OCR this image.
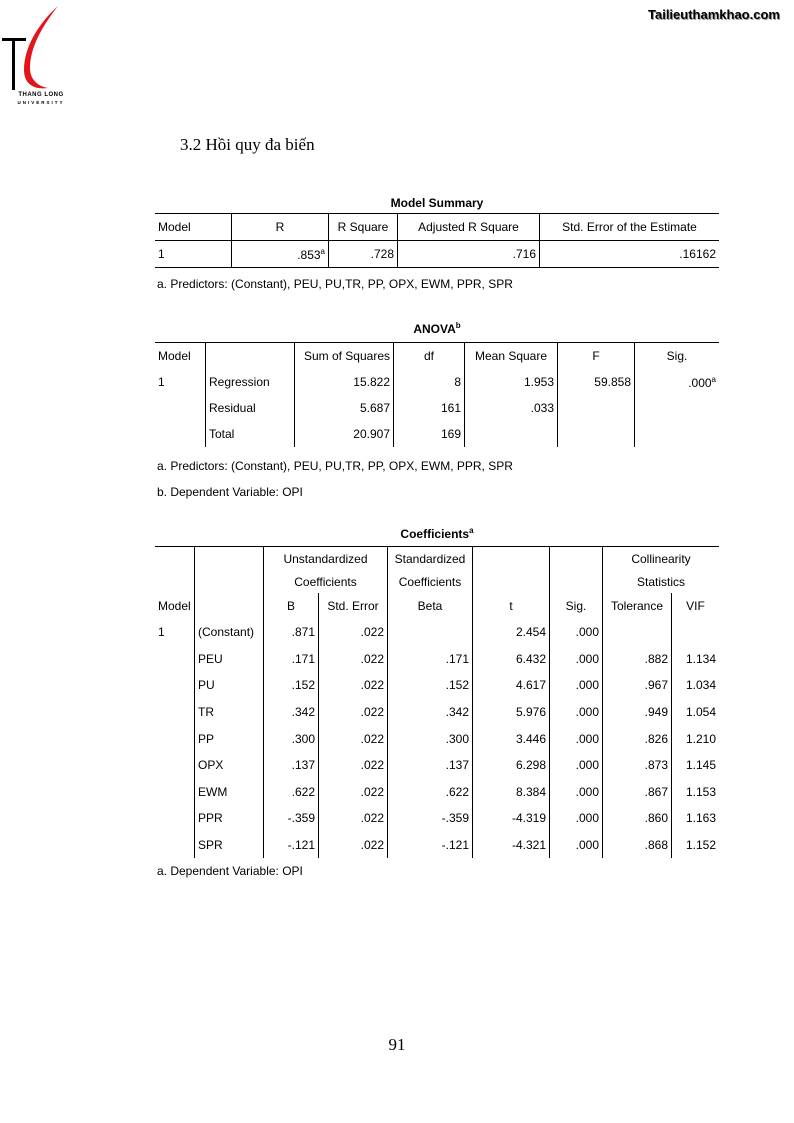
THANG LONG
UNIVERSITY
Tailieuthamkhao.com
3.2 Hồi quy đa biến
Model Summary
Model	R	R Square	Adjusted R Square	Std. Error of the Estimate
1	.853$^a$	.728	.716	.16162
a. Predictors: (Constant), PEU, PU,TR, PP, OPX, EWM, PPR, SPR
ANOVA$^b$
Model		Sum of Squares	df	Mean Square	F	Sig.
1	Regression	15.822	8	1.953	59.858	.000$^a$
	Residual	5.687	161	.033		
	Total	20.907	169			
a. Predictors: (Constant), PEU, PU,TR, PP, OPX, EWM, PPR, SPR
b. Dependent Variable: OPI
Coefficients$^a$
		Unstandardized		Standardized			Collinearity	
		Coefficients		Coefficients			Statistics	
Model		B	Std. Error	Beta	t	Sig.	Tolerance	VIF
1	(Constant)	.871	.022		2.454	.000		
	PEU	.171	.022	.171	6.432	.000	.882	1.134
	PU	.152	.022	.152	4.617	.000	.967	1.034
	TR	.342	.022	.342	5.976	.000	.949	1.054
	PP	.300	.022	.300	3.446	.000	.826	1.210
	OPX	.137	.022	.137	6.298	.000	.873	1.145
	EWM	.622	.022	.622	8.384	.000	.867	1.153
	PPR	-.359	.022	-.359	-4.319	.000	.860	1.163
	SPR	-.121	.022	-.121	-4.321	.000	.868	1.152
a. Dependent Variable: OPI
91
